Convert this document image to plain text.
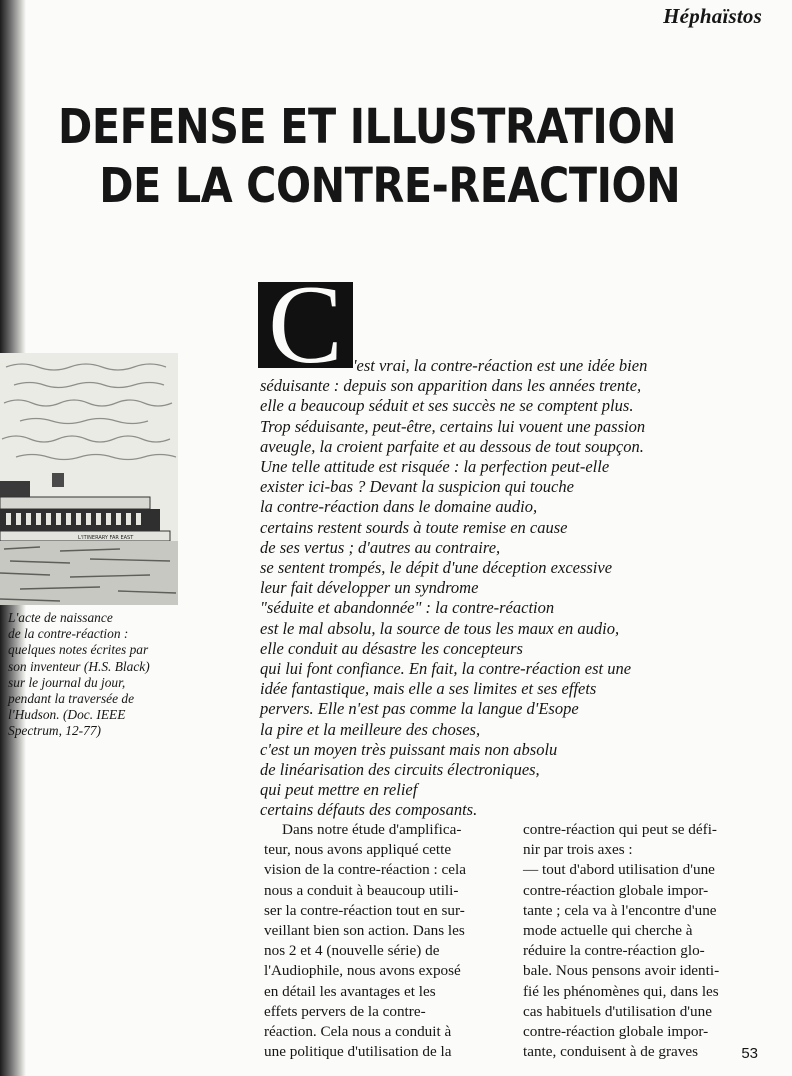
Héphaïstos
DEFENSE ET ILLUSTRATION
DE LA CONTRE-REACTION
L'ITINERARY FAR EAST
L'acte de naissance
de la contre-réaction :
quelques notes écrites par
son inventeur (H.S. Black)
sur le journal du jour,
pendant la traversée de
l'Hudson. (Doc. IEEE
Spectrum, 12-77)
C 'est vrai, la contre-réaction est une idée bien
séduisante : depuis son apparition dans les années trente,
elle a beaucoup séduit et ses succès ne se comptent plus.
Trop séduisante, peut-être, certains lui vouent une passion
aveugle, la croient parfaite et au dessous de tout soupçon.
Une telle attitude est risquée : la perfection peut-elle
exister ici-bas ? Devant la suspicion qui touche
la contre-réaction dans le domaine audio,
certains restent sourds à toute remise en cause
de ses vertus ; d'autres au contraire,
se sentent trompés, le dépit d'une déception excessive
leur fait développer un syndrome
"séduite et abandonnée" : la contre-réaction
est le mal absolu, la source de tous les maux en audio,
elle conduit au désastre les concepteurs
qui lui font confiance. En fait, la contre-réaction est une
idée fantastique, mais elle a ses limites et ses effets
pervers. Elle n'est pas comme la langue d'Esope
la pire et la meilleure des choses,
c'est un moyen très puissant mais non absolu
de linéarisation des circuits électroniques,
qui peut mettre en relief
certains défauts des composants.
Dans notre étude d'amplifica-
teur, nous avons appliqué cette
vision de la contre-réaction : cela
nous a conduit à beaucoup utili-
ser la contre-réaction tout en sur-
veillant bien son action. Dans les
nos 2 et 4 (nouvelle série) de
l'Audiophile, nous avons exposé
en détail les avantages et les
effets pervers de la contre-
réaction. Cela nous a conduit à
une politique d'utilisation de la
contre-réaction qui peut se défi-
nir par trois axes :
— tout d'abord utilisation d'une
contre-réaction globale impor-
tante ; cela va à l'encontre d'une
mode actuelle qui cherche à
réduire la contre-réaction glo-
bale. Nous pensons avoir identi-
fié les phénomènes qui, dans les
cas habituels d'utilisation d'une
contre-réaction globale impor-
tante, conduisent à de graves	53
